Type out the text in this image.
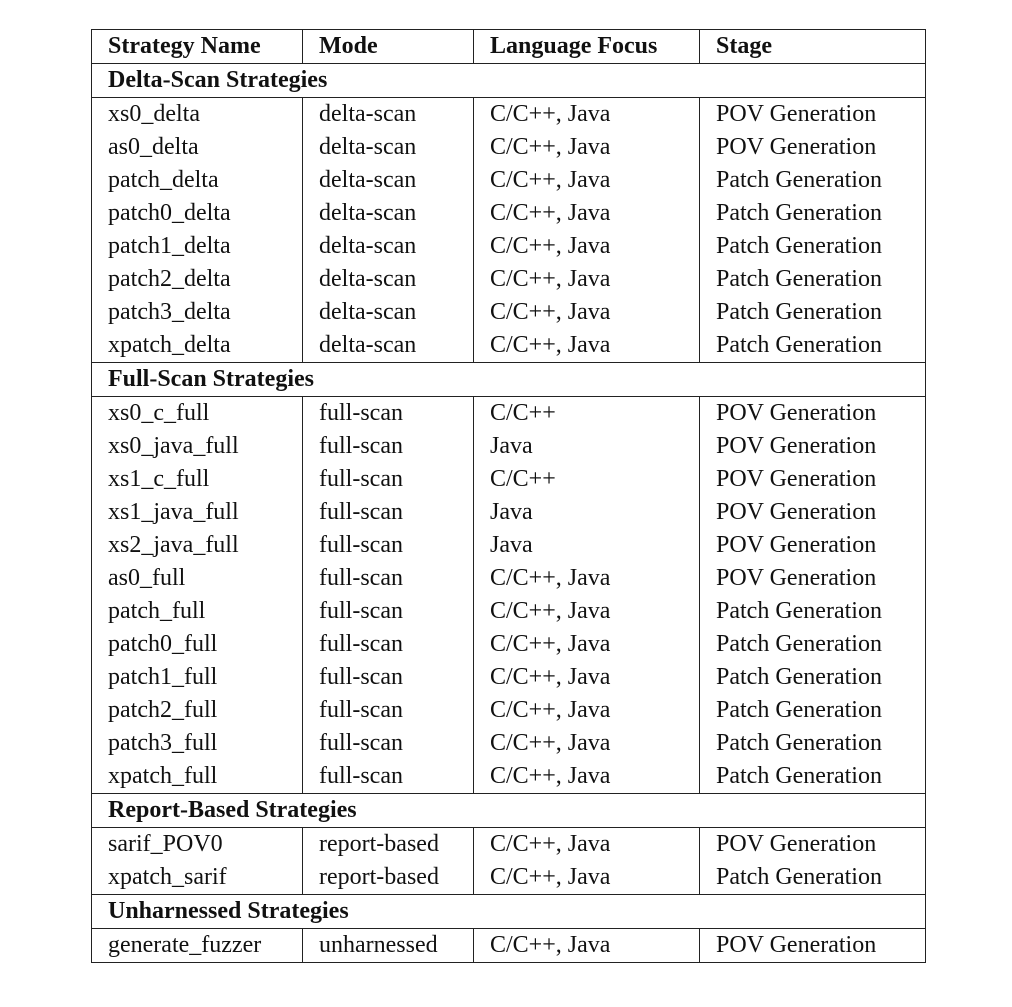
Strategy Name	Mode	Language Focus	Stage
Delta-Scan Strategies			
xs0_delta	delta-scan	C/C++, Java	POV Generation
as0_delta	delta-scan	C/C++, Java	POV Generation
patch_delta	delta-scan	C/C++, Java	Patch Generation
patch0_delta	delta-scan	C/C++, Java	Patch Generation
patch1_delta	delta-scan	C/C++, Java	Patch Generation
patch2_delta	delta-scan	C/C++, Java	Patch Generation
patch3_delta	delta-scan	C/C++, Java	Patch Generation
xpatch_delta	delta-scan	C/C++, Java	Patch Generation
Full-Scan Strategies			
xs0_c_full	full-scan	C/C++	POV Generation
xs0_java_full	full-scan	Java	POV Generation
xs1_c_full	full-scan	C/C++	POV Generation
xs1_java_full	full-scan	Java	POV Generation
xs2_java_full	full-scan	Java	POV Generation
as0_full	full-scan	C/C++, Java	POV Generation
patch_full	full-scan	C/C++, Java	Patch Generation
patch0_full	full-scan	C/C++, Java	Patch Generation
patch1_full	full-scan	C/C++, Java	Patch Generation
patch2_full	full-scan	C/C++, Java	Patch Generation
patch3_full	full-scan	C/C++, Java	Patch Generation
xpatch_full	full-scan	C/C++, Java	Patch Generation
Report-Based Strategies			
sarif_POV0	report-based	C/C++, Java	POV Generation
xpatch_sarif	report-based	C/C++, Java	Patch Generation
Unharnessed Strategies			
generate_fuzzer	unharnessed	C/C++, Java	POV Generation
